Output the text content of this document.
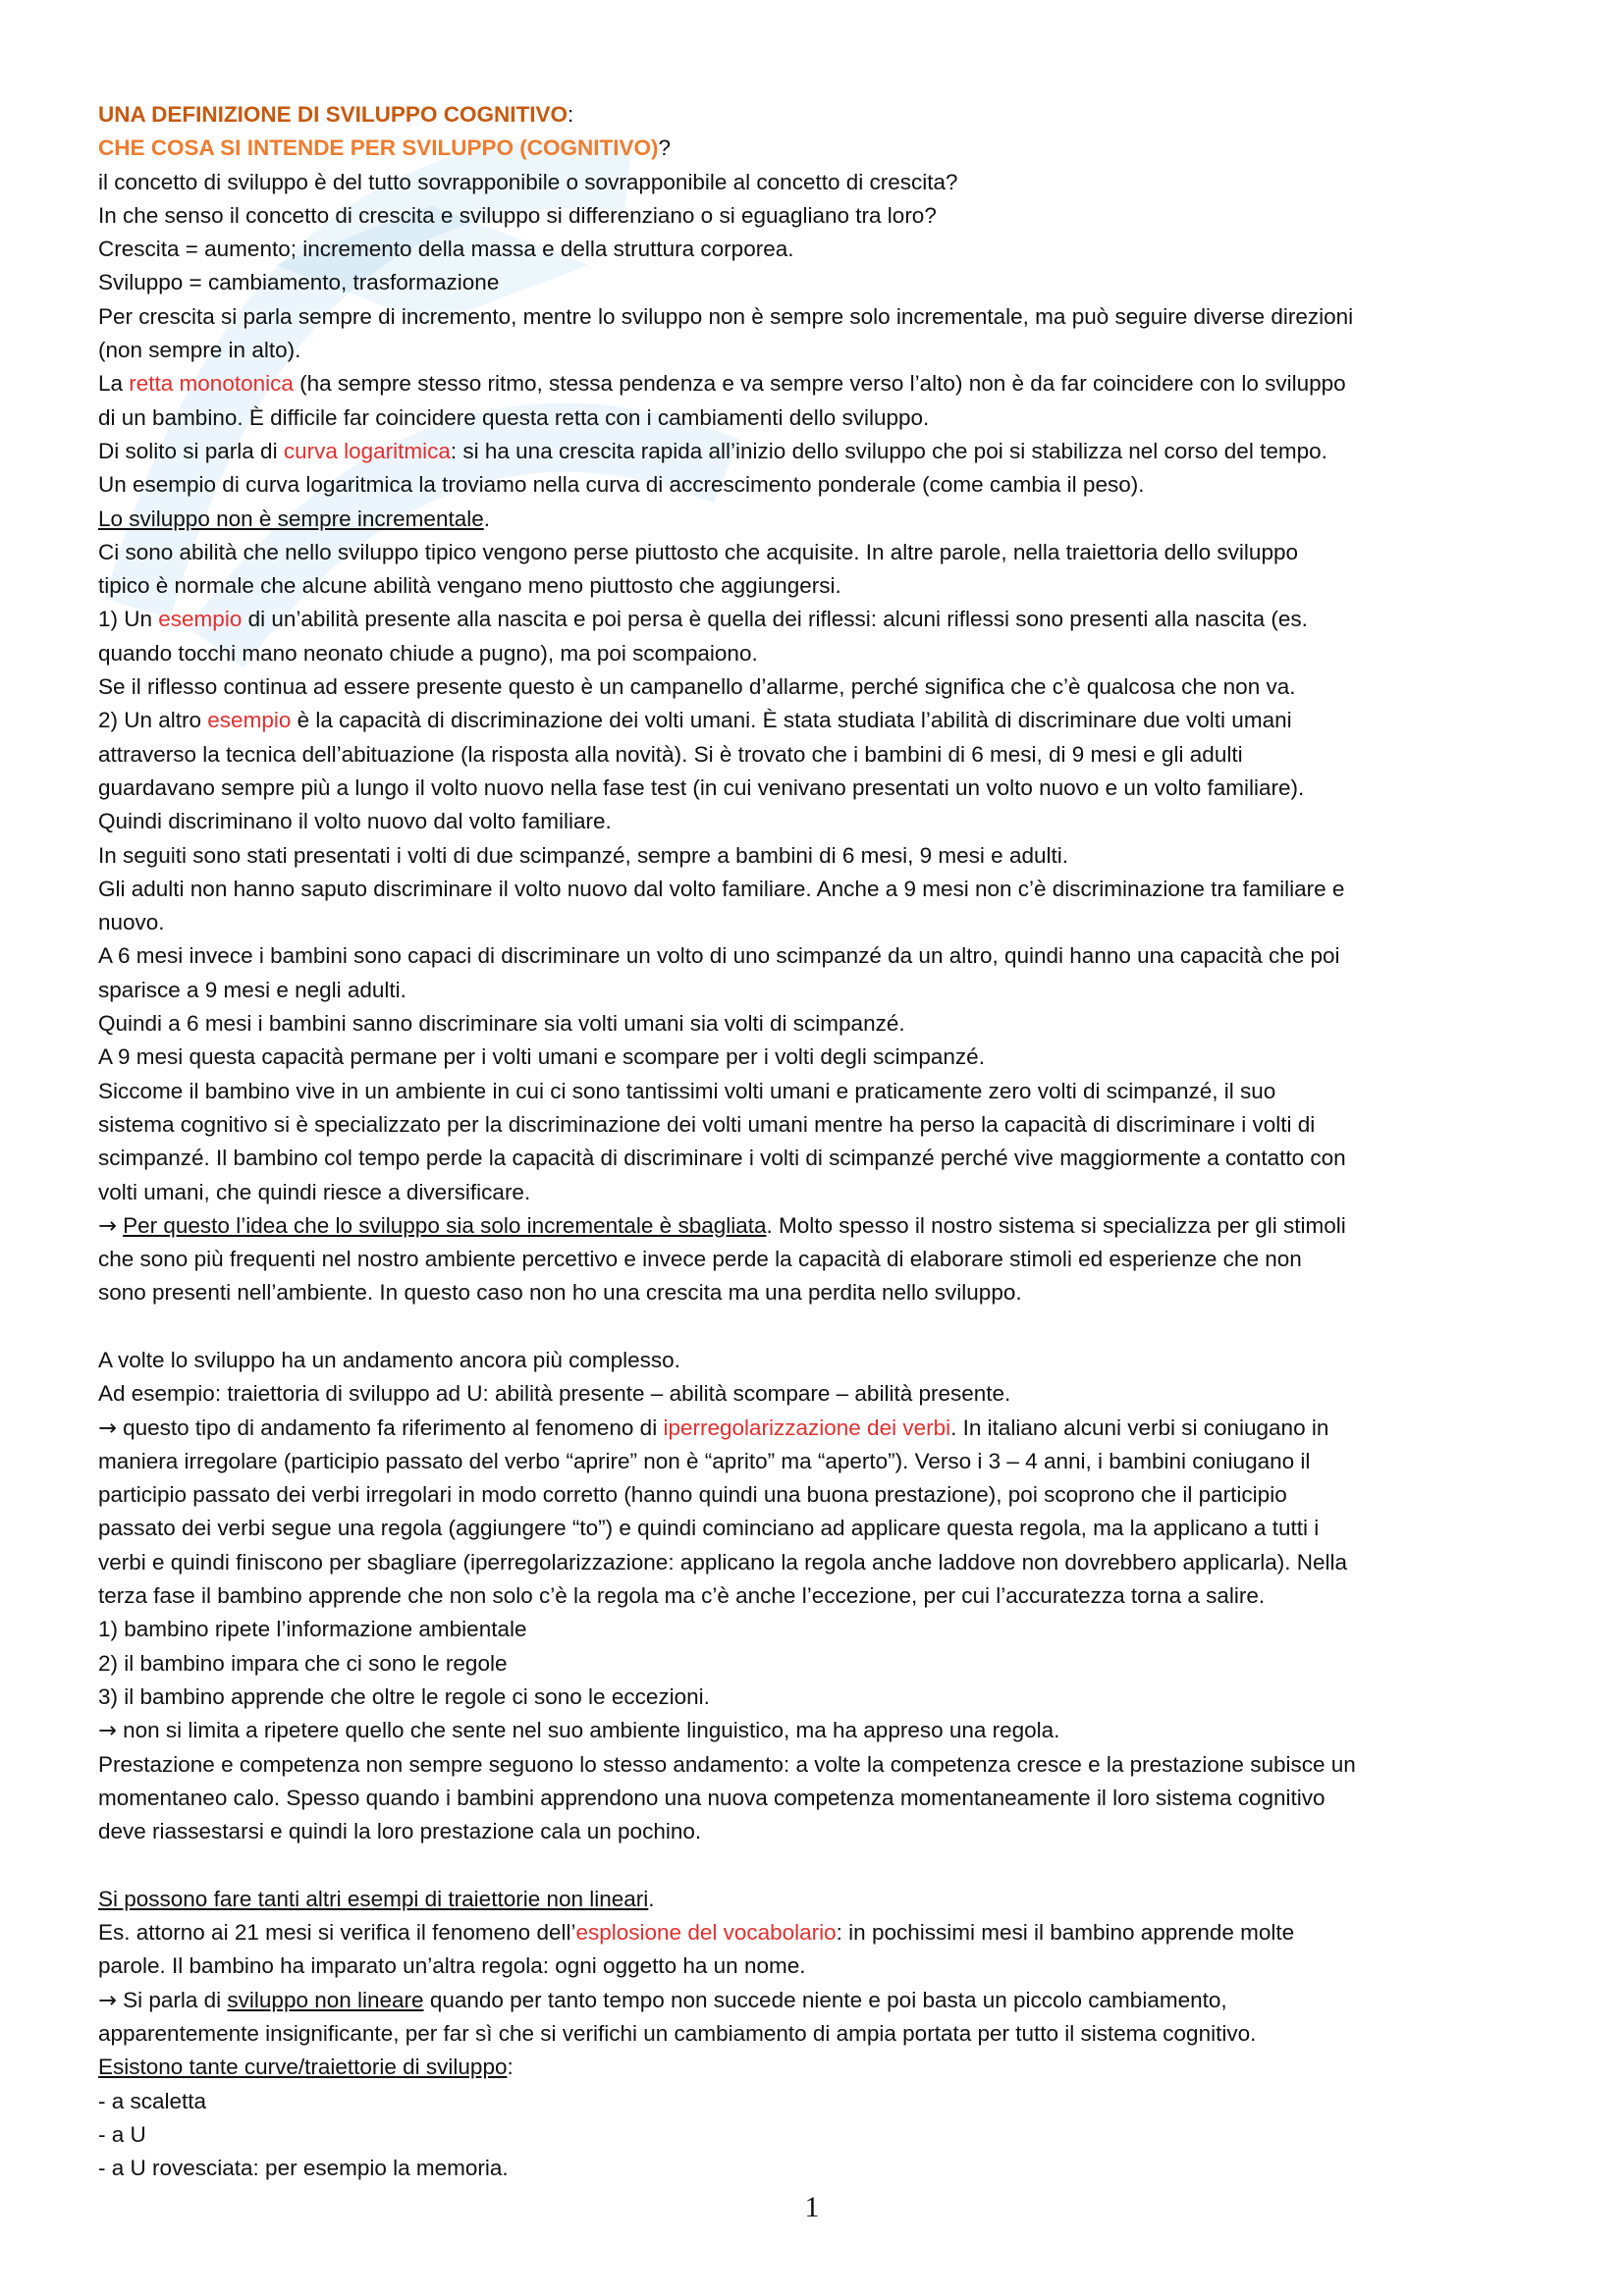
UNA DEFINIZIONE DI SVILUPPO COGNITIVO:

CHE COSA SI INTENDE PER SVILUPPO (COGNITIVO)?

il concetto di sviluppo è del tutto sovrapponibile o sovrapponibile al concetto di crescita?

In che senso il concetto di crescita e sviluppo si differenziano o si eguagliano tra loro?

Crescita = aumento; incremento della massa e della struttura corporea.

Sviluppo = cambiamento, trasformazione

Per crescita si parla sempre di incremento, mentre lo sviluppo non è sempre solo incrementale, ma può seguire diverse direzioni

(non sempre in alto).

La retta monotonica (ha sempre stesso ritmo, stessa pendenza e va sempre verso l’alto) non è da far coincidere con lo sviluppo

di un bambino. È difficile far coincidere questa retta con i cambiamenti dello sviluppo.

Di solito si parla di curva logaritmica: si ha una crescita rapida all’inizio dello sviluppo che poi si stabilizza nel corso del tempo.

Un esempio di curva logaritmica la troviamo nella curva di accrescimento ponderale (come cambia il peso).

Lo sviluppo non è sempre incrementale.

Ci sono abilità che nello sviluppo tipico vengono perse piuttosto che acquisite. In altre parole, nella traiettoria dello sviluppo

tipico è normale che alcune abilità vengano meno piuttosto che aggiungersi.

1) Un esempio di un’abilità presente alla nascita e poi persa è quella dei riflessi: alcuni riflessi sono presenti alla nascita (es.

quando tocchi mano neonato chiude a pugno), ma poi scompaiono.

Se il riflesso continua ad essere presente questo è un campanello d’allarme, perché significa che c’è qualcosa che non va.

2) Un altro esempio è la capacità di discriminazione dei volti umani. È stata studiata l’abilità di discriminare due volti umani

attraverso la tecnica dell’abituazione (la risposta alla novità). Si è trovato che i bambini di 6 mesi, di 9 mesi e gli adulti

guardavano sempre più a lungo il volto nuovo nella fase test (in cui venivano presentati un volto nuovo e un volto familiare).

Quindi discriminano il volto nuovo dal volto familiare.

In seguiti sono stati presentati i volti di due scimpanzé, sempre a bambini di 6 mesi, 9 mesi e adulti.

Gli adulti non hanno saputo discriminare il volto nuovo dal volto familiare. Anche a 9 mesi non c’è discriminazione tra familiare e

nuovo.

A 6 mesi invece i bambini sono capaci di discriminare un volto di uno scimpanzé da un altro, quindi hanno una capacità che poi

sparisce a 9 mesi e negli adulti.

Quindi a 6 mesi i bambini sanno discriminare sia volti umani sia volti di scimpanzé.

A 9 mesi questa capacità permane per i volti umani e scompare per i volti degli scimpanzé.

Siccome il bambino vive in un ambiente in cui ci sono tantissimi volti umani e praticamente zero volti di scimpanzé, il suo

sistema cognitivo si è specializzato per la discriminazione dei volti umani mentre ha perso la capacità di discriminare i volti di

scimpanzé. Il bambino col tempo perde la capacità di discriminare i volti di scimpanzé perché vive maggiormente a contatto con

volti umani, che quindi riesce a diversificare.

→ Per questo l’idea che lo sviluppo sia solo incrementale è sbagliata. Molto spesso il nostro sistema si specializza per gli stimoli

che sono più frequenti nel nostro ambiente percettivo e invece perde la capacità di elaborare stimoli ed esperienze che non

sono presenti nell’ambiente. In questo caso non ho una crescita ma una perdita nello sviluppo.

A volte lo sviluppo ha un andamento ancora più complesso.

Ad esempio: traiettoria di sviluppo ad U: abilità presente – abilità scompare – abilità presente.

→ questo tipo di andamento fa riferimento al fenomeno di iperregolarizzazione dei verbi. In italiano alcuni verbi si coniugano in

maniera irregolare (participio passato del verbo “aprire” non è “aprito” ma “aperto”). Verso i 3 – 4 anni, i bambini coniugano il

participio passato dei verbi irregolari in modo corretto (hanno quindi una buona prestazione), poi scoprono che il participio

passato dei verbi segue una regola (aggiungere “to”) e quindi cominciano ad applicare questa regola, ma la applicano a tutti i

verbi e quindi finiscono per sbagliare (iperregolarizzazione: applicano la regola anche laddove non dovrebbero applicarla). Nella

terza fase il bambino apprende che non solo c’è la regola ma c’è anche l’eccezione, per cui l’accuratezza torna a salire.

1) bambino ripete l’informazione ambientale

2) il bambino impara che ci sono le regole

3) il bambino apprende che oltre le regole ci sono le eccezioni.

→ non si limita a ripetere quello che sente nel suo ambiente linguistico, ma ha appreso una regola.

Prestazione e competenza non sempre seguono lo stesso andamento: a volte la competenza cresce e la prestazione subisce un

momentaneo calo. Spesso quando i bambini apprendono una nuova competenza momentaneamente il loro sistema cognitivo

deve riassestarsi e quindi la loro prestazione cala un pochino.

Si possono fare tanti altri esempi di traiettorie non lineari.

Es. attorno ai 21 mesi si verifica il fenomeno dell’esplosione del vocabolario: in pochissimi mesi il bambino apprende molte

parole. Il bambino ha imparato un’altra regola: ogni oggetto ha un nome.

→ Si parla di sviluppo non lineare quando per tanto tempo non succede niente e poi basta un piccolo cambiamento,

apparentemente insignificante, per far sì che si verifichi un cambiamento di ampia portata per tutto il sistema cognitivo.

Esistono tante curve/traiettorie di sviluppo:

- a scaletta

- a U

- a U rovesciata: per esempio la memoria.

1
